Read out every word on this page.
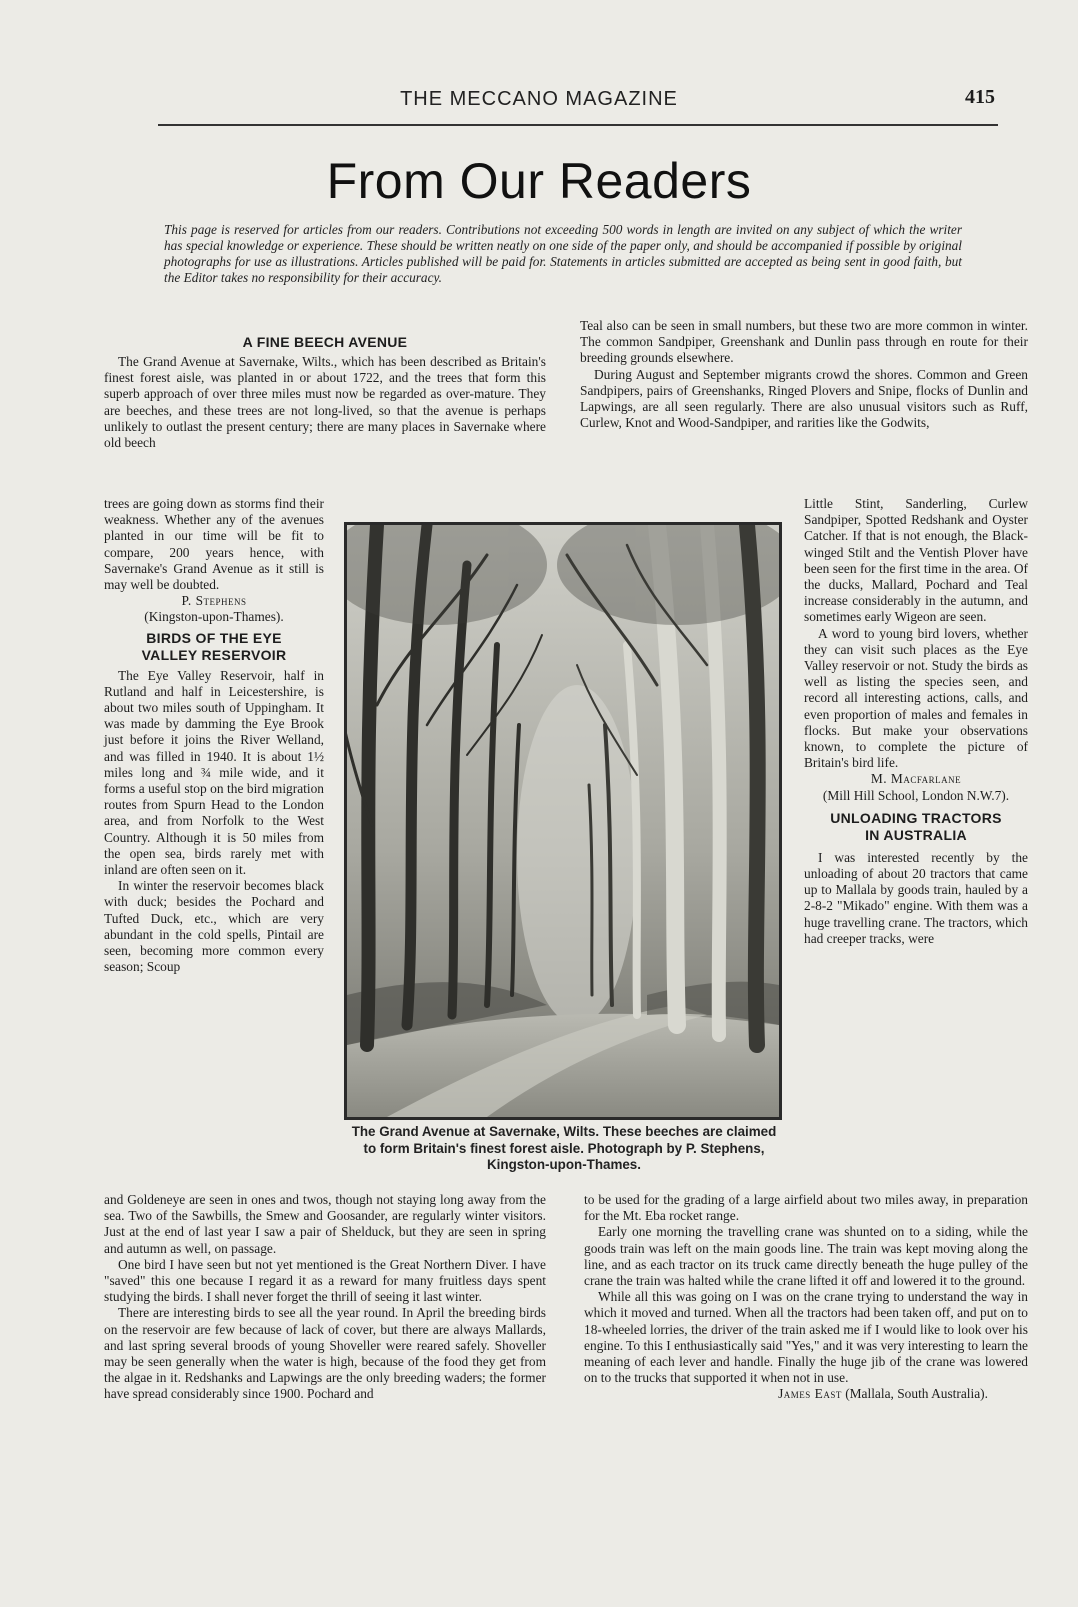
THE MECCANO MAGAZINE	415
From Our Readers
This page is reserved for articles from our readers. Contributions not exceeding 500 words in length are invited on any subject of which the writer has special knowledge or experience. These should be written neatly on one side of the paper only, and should be accompanied if possible by original photographs for use as illustrations. Articles published will be paid for. Statements in articles submitted are accepted as being sent in good faith, but the Editor takes no responsibility for their accuracy.
A FINE BEECH AVENUE

The Grand Avenue at Savernake, Wilts., which has been described as Britain's finest forest aisle, was planted in or about 1722, and the trees that form this superb approach of over three miles must now be regarded as over-mature. They are beeches, and these trees are not long-lived, so that the avenue is perhaps unlikely to outlast the present century; there are many places in Savernake where old beech

trees are going down as storms find their weakness. Whether any of the avenues planted in our time will be fit to compare, 200 years hence, with Savernake's Grand Avenue as it still is may well be doubted.

P. Stephens
(Kingston-upon-Thames).
BIRDS OF THE EYE
VALLEY RESERVOIR

The Eye Valley Reservoir, half in Rutland and half in Leicestershire, is about two miles south of Uppingham. It was made by damming the Eye Brook just before it joins the River Welland, and was filled in 1940. It is about 1½ miles long and ¾ mile wide, and it forms a useful stop on the bird migration routes from Spurn Head to the London area, and from Norfolk to the West Country. Although it is 50 miles from the open sea, birds rarely met with inland are often seen on it.

In winter the reservoir becomes black with duck; besides the Pochard and Tufted Duck, etc., which are very abundant in the cold spells, Pintail are seen, becoming more common every season; Scoup

and Goldeneye are seen in ones and twos, though not staying long away from the sea. Two of the Sawbills, the Smew and Goosander, are regularly winter visitors. Just at the end of last year I saw a pair of Shelduck, but they are seen in spring and autumn as well, on passage.

One bird I have seen but not yet mentioned is the Great Northern Diver. I have "saved" this one because I regard it as a reward for many fruitless days spent studying the birds. I shall never forget the thrill of seeing it last winter.

There are interesting birds to see all the year round. In April the breeding birds on the reservoir are few because of lack of cover, but there are always Mallards, and last spring several broods of young Shoveller were reared safely. Shoveller may be seen generally when the water is high, because of the food they get from the algae in it. Redshanks and Lapwings are the only breeding waders; the former have spread considerably since 1900. Pochard and

Teal also can be seen in small numbers, but these two are more common in winter. The common Sandpiper, Greenshank and Dunlin pass through en route for their breeding grounds elsewhere.

During August and September migrants crowd the shores. Common and Green Sandpipers, pairs of Greenshanks, Ringed Plovers and Snipe, flocks of Dunlin and Lapwings, are all seen regularly. There are also unusual visitors such as Ruff, Curlew, Knot and Wood-Sandpiper, and rarities like the Godwits,

Little Stint, Sanderling, Curlew Sandpiper, Spotted Redshank and Oyster Catcher. If that is not enough, the Black-winged Stilt and the Ventish Plover have been seen for the first time in the area. Of the ducks, Mallard, Pochard and Teal increase considerably in the autumn, and sometimes early Wigeon are seen.

A word to young bird lovers, whether they can visit such places as the Eye Valley reservoir or not. Study the birds as well as listing the species seen, and record all interesting actions, calls, and even proportion of males and females in flocks. But make your observations known, to complete the picture of Britain's bird life.

M. Macfarlane
(Mill Hill School, London N.W.7).
UNLOADING TRACTORS
IN AUSTRALIA

I was interested recently by the unloading of about 20 tractors that came up to Mallala by goods train, hauled by a 2-8-2 "Mikado" engine. With them was a huge travelling crane. The tractors, which had creeper tracks, were

to be used for the grading of a large airfield about two miles away, in preparation for the Mt. Eba rocket range.

Early one morning the travelling crane was shunted on to a siding, while the goods train was left on the main goods line. The train was kept moving along the line, and as each tractor on its truck came directly beneath the huge pulley of the crane the train was halted while the crane lifted it off and lowered it to the ground.

While all this was going on I was on the crane trying to understand the way in which it moved and turned. When all the tractors had been taken off, and put on to 18-wheeled lorries, the driver of the train asked me if I would like to look over his engine. To this I enthusiastically said "Yes," and it was very interesting to learn the meaning of each lever and handle. Finally the huge jib of the crane was lowered on to the trucks that supported it when not in use.

James East (Mallala, South Australia).
The Grand Avenue at Savernake, Wilts. These beeches are claimed to form Britain's finest forest aisle. Photograph by P. Stephens, Kingston-upon-Thames.
